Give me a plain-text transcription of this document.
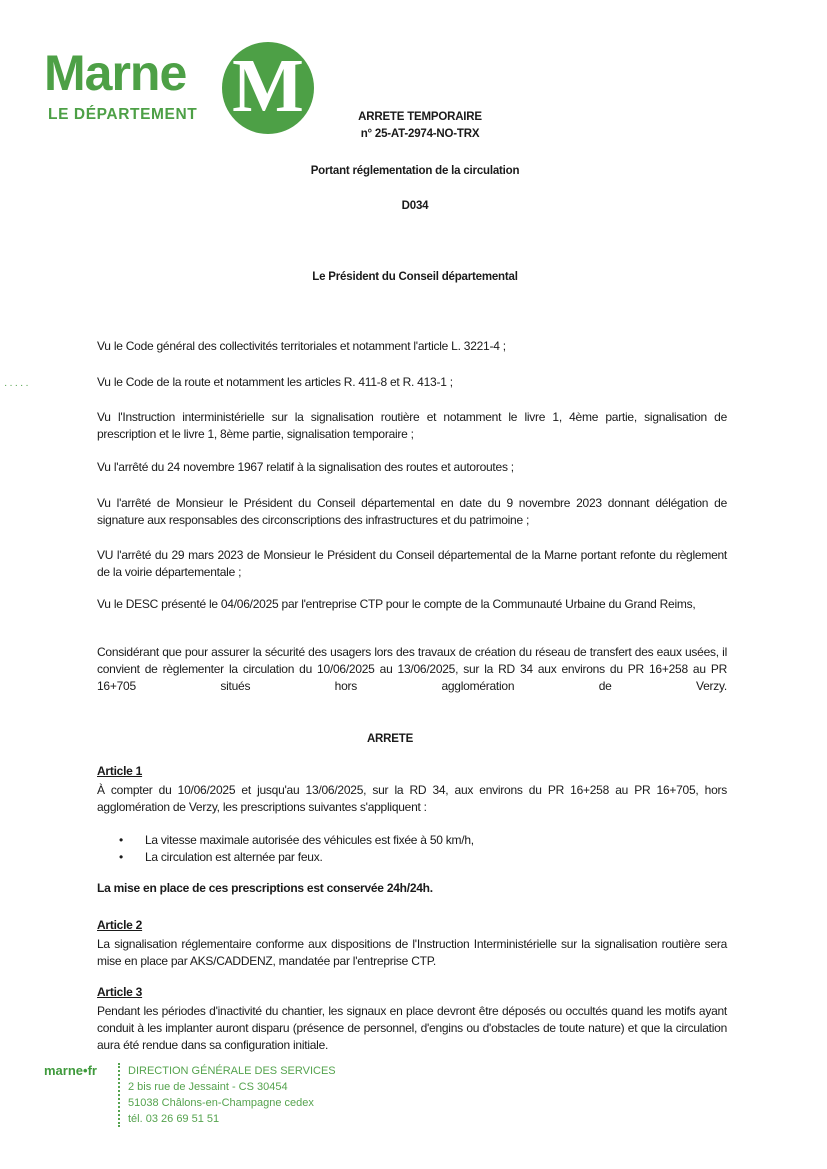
Marne
LE DÉPARTEMENT M
·····
ARRETE TEMPORAIRE
n° 25-AT-2974-NO-TRX
Portant réglementation de la circulation
D034
Le Président du Conseil départemental
Vu le Code général des collectivités territoriales et notamment l'article L. 3221-4 ;
Vu le Code de la route et notamment les articles R. 411-8 et R. 413-1 ;
Vu l'Instruction interministérielle sur la signalisation routière et notamment le livre 1, 4ème partie, signalisation de prescription et le livre 1, 8ème partie, signalisation temporaire ;
Vu l'arrêté du 24 novembre 1967 relatif à la signalisation des routes et autoroutes ;
Vu l'arrêté de Monsieur le Président du Conseil départemental en date du 9 novembre 2023 donnant délégation de signature aux responsables des circonscriptions des infrastructures et du patrimoine ;
VU l'arrêté du 29 mars 2023 de Monsieur le Président du Conseil départemental de la Marne portant refonte du règlement de la voirie départementale ;
Vu le DESC présenté le 04/06/2025 par l'entreprise CTP pour le compte de la Communauté Urbaine du Grand Reims,
Considérant que pour assurer la sécurité des usagers lors des travaux de création du réseau de transfert des eaux usées, il convient de règlementer la circulation du 10/06/2025 au 13/06/2025, sur la RD 34 aux environs du PR 16+258 au PR 16+705 situés hors agglomération de Verzy.
ARRETE
Article 1
À compter du 10/06/2025 et jusqu'au 13/06/2025, sur la RD 34, aux environs du PR 16+258 au PR 16+705, hors agglomération de Verzy, les prescriptions suivantes s'appliquent :
• La vitesse maximale autorisée des véhicules est fixée à 50 km/h,
• La circulation est alternée par feux.
La mise en place de ces prescriptions est conservée 24h/24h.
Article 2
La signalisation réglementaire conforme aux dispositions de l'Instruction Interministérielle sur la signalisation routière sera mise en place par AKS/CADDENZ, mandatée par l'entreprise CTP.
Article 3
Pendant les périodes d'inactivité du chantier, les signaux en place devront être déposés ou occultés quand les motifs ayant conduit à les implanter auront disparu (présence de personnel, d'engins ou d'obstacles de toute nature) et que la circulation aura été rendue dans sa configuration initiale.
marne•fr	DIRECTION GÉNÉRALE DES SERVICES
2 bis rue de Jessaint - CS 30454
51038 Châlons-en-Champagne cedex
tél. 03 26 69 51 51
